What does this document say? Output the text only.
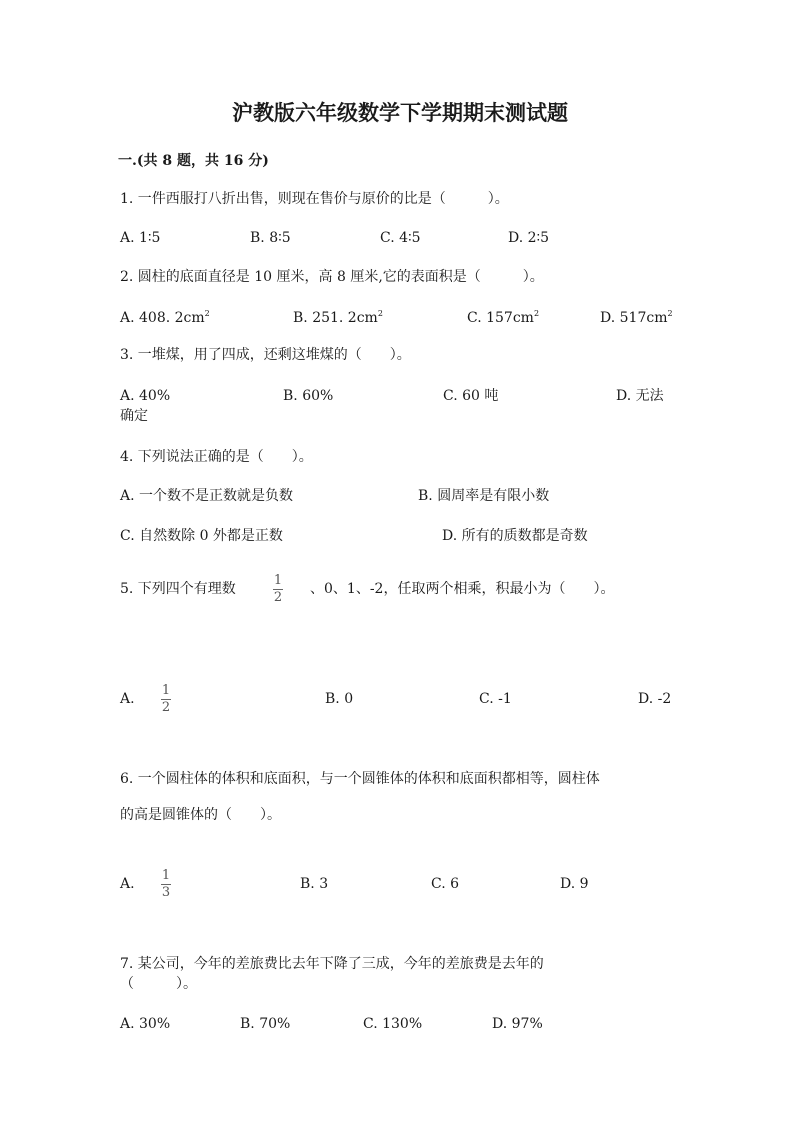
沪教版六年级数学下学期期末测试题
一.(共 8 题，共 16 分)
1. 一件西服打八折出售，则现在售价与原价的比是（　　　）。
A. 1∶5	B. 8∶5	C. 4∶5	D. 2∶5
2. 圆柱的底面直径是 10 厘米，高 8 厘米,它的表面积是（　　　）。
A. 408. $2cm^2$	B. 251. $2cm^2$	C. $157cm^2$	D. $517cm^2$
3. 一堆煤，用了四成，还剩这堆煤的（　　）。
A. 40%	B. 60%	C. 60 吨	D. 无法
确定
4. 下列说法正确的是（　　）。
A. 一个数不是正数就是负数	B. 圆周率是有限小数
C. 自然数除 0 外都是正数	D. 所有的质数都是奇数
5. 下列四个有理数
1
2
、0、1、-2，任取两个相乘，积最小为（　　）。
A.
1
2
B. 0	C. -1	D. -2
6. 一个圆柱体的体积和底面积，与一个圆锥体的体积和底面积都相等，圆柱体
的高是圆锥体的（　　）。
A.
1
3
B. 3	C. 6	D. 9
7. 某公司，今年的差旅费比去年下降了三成，今年的差旅费是去年的
（　　　）。
A. 30%	B. 70%	C. 130%	D. 97%
